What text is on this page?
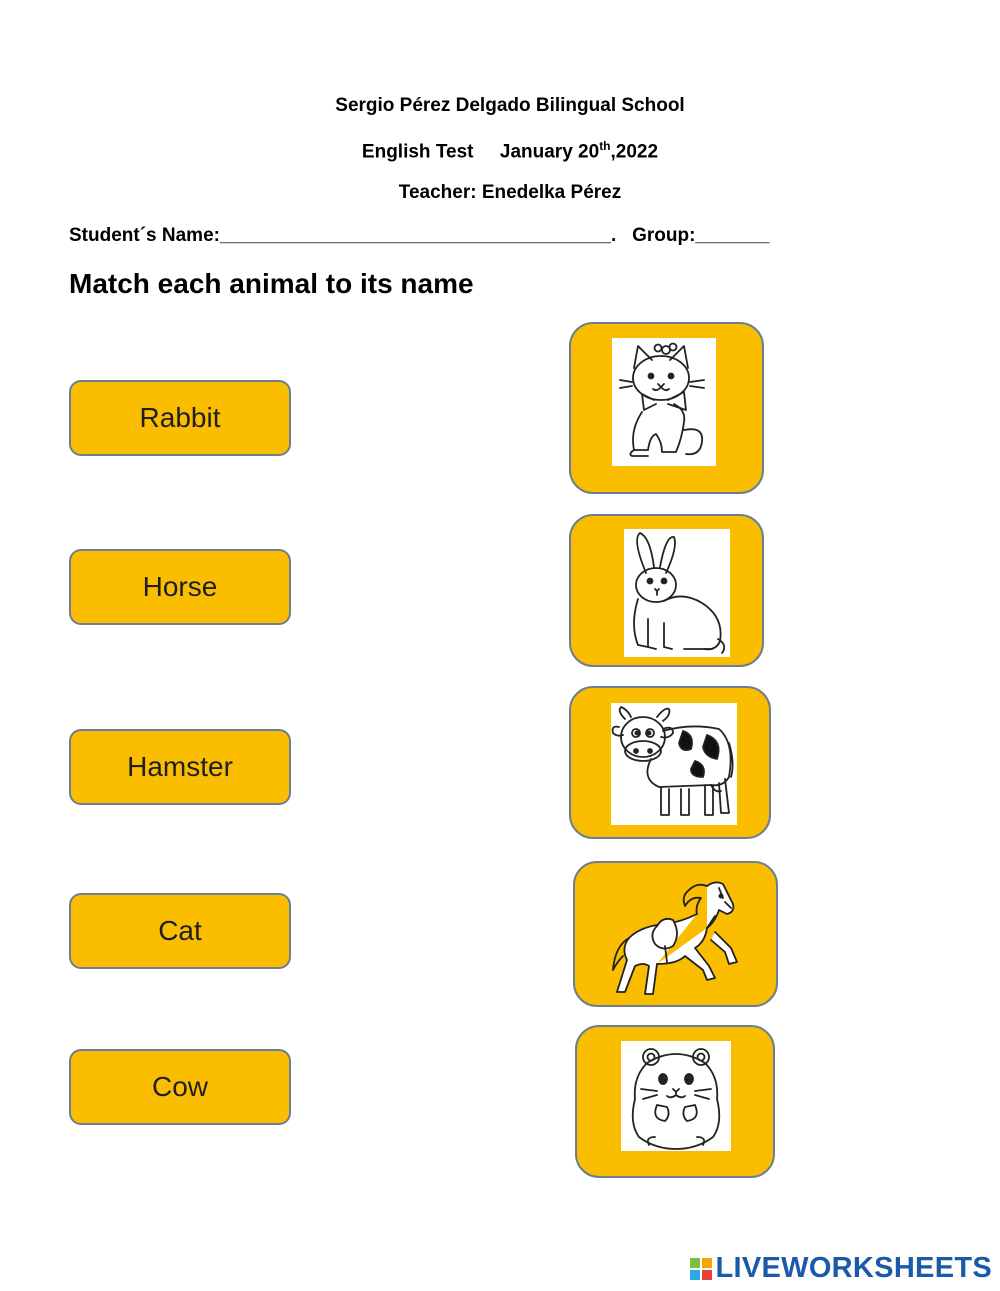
Sergio Pérez Delgado Bilingual School
English Test January 20th,2022
Teacher: Enedelka Pérez
Student´s Name:_____________________________________. Group:_______
Match each animal to its name
Rabbit
Horse
Hamster
Cat
Cow
LIVEWORKSHEETS
